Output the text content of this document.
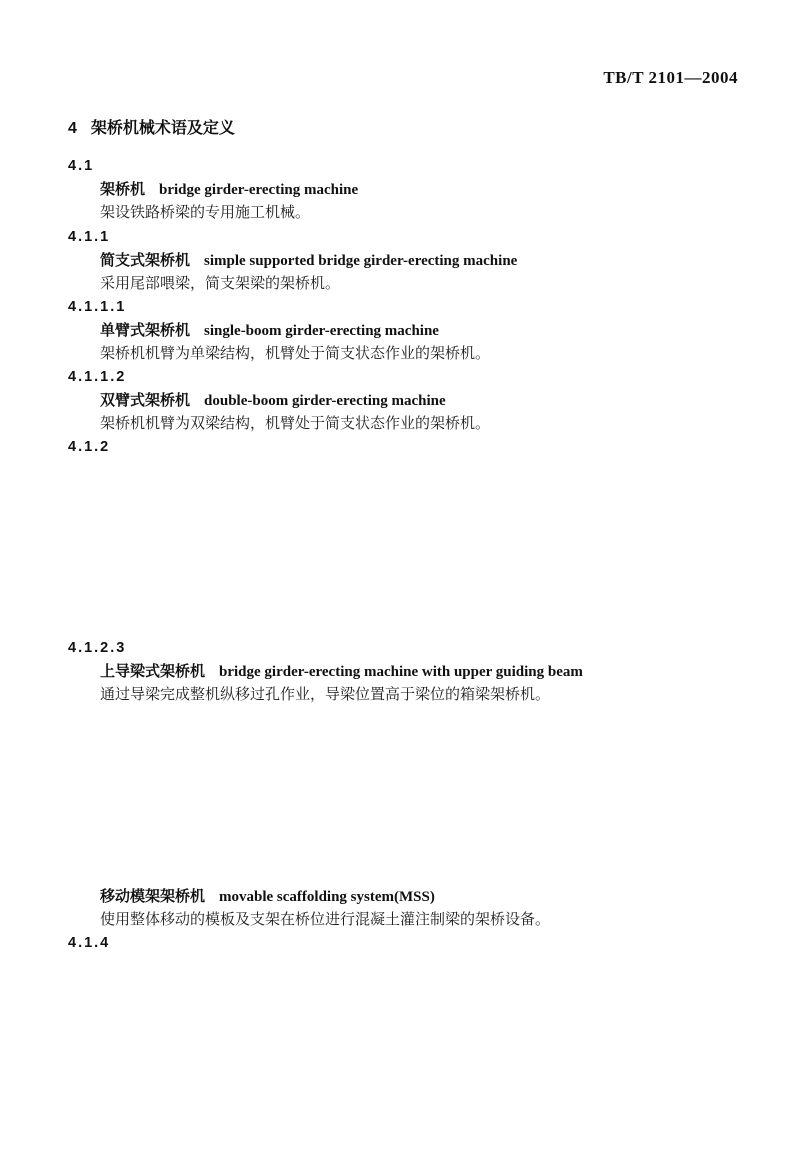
TB/T 2101—2004
4 架桥机械术语及定义
4.1
架桥机 bridge girder-erecting machine
架设铁路桥梁的专用施工机械。
4.1.1
简支式架桥机 simple supported bridge girder-erecting machine
采用尾部喂梁，简支架梁的架桥机。
4.1.1.1
单臂式架桥机 single-boom girder-erecting machine
架桥机机臂为单梁结构，机臂处于简支状态作业的架桥机。
4.1.1.2
双臂式架桥机 double-boom girder-erecting machine
架桥机机臂为双梁结构，机臂处于简支状态作业的架桥机。
4.1.2
4.1.2.3
上导梁式架桥机 bridge girder-erecting machine with upper guiding beam
通过导梁完成整机纵移过孔作业，导梁位置高于梁位的箱梁架桥机。
移动模架架桥机 movable scaffolding system(MSS)
使用整体移动的模板及支架在桥位进行混凝土灌注制梁的架桥设备。
4.1.4
